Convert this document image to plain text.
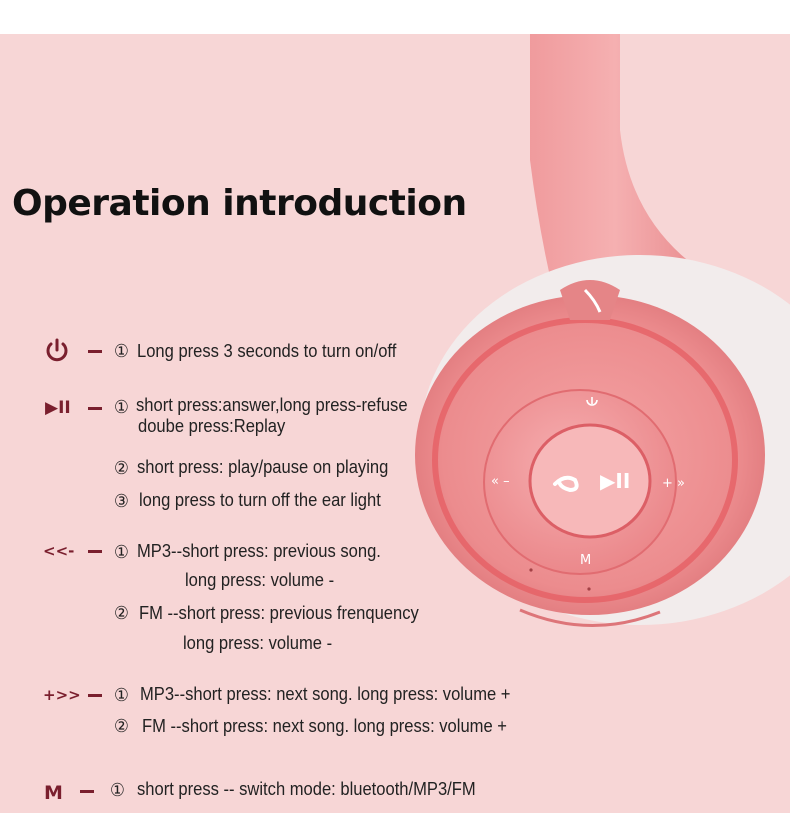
▶II
« –	+ »
M
Operation introduction
① Long press 3 seconds to turn on/off
▶II ① short press:answer,long press-refuse
doube press:Replay
② short press: play/pause on playing
③ long press to turn off the ear light
<<- ① MP3--short press: previous song.
long press: volume -
② FM --short press: previous frenquency
long press: volume -
+>> ① MP3--short press: next song. long press: volume +
② FM --short press: next song. long press: volume +
M	① short press -- switch mode: bluetooth/MP3/FM
